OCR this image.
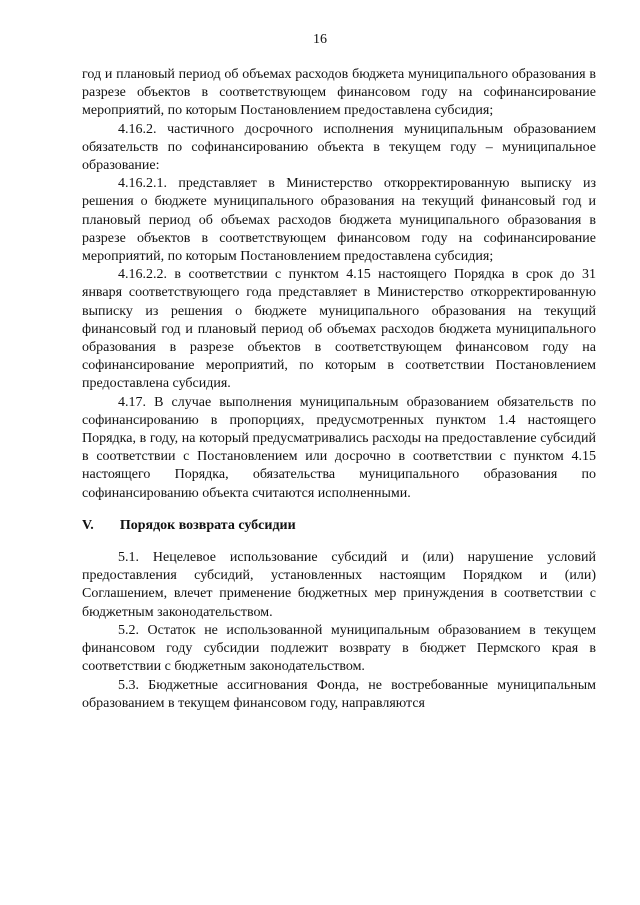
16

год и плановый период об объемах расходов бюджета муниципального образования в разрезе объектов в соответствующем финансовом году на софинансирование мероприятий, по которым Постановлением предоставлена субсидия;

4.16.2. частичного досрочного исполнения муниципальным образованием обязательств по софинансированию объекта в текущем году – муниципальное образование:

4.16.2.1. представляет в Министерство откорректированную выписку из решения о бюджете муниципального образования на текущий финансовый год и плановый период об объемах расходов бюджета муниципального образования в разрезе объектов в соответствующем финансовом году на софинансирование мероприятий, по которым Постановлением предоставлена субсидия;

4.16.2.2. в соответствии с пунктом 4.15 настоящего Порядка в срок до 31 января соответствующего года представляет в Министерство откорректированную выписку из решения о бюджете муниципального образования на текущий финансовый год и плановый период об объемах расходов бюджета муниципального образования в разрезе объектов в соответствующем финансовом году на софинансирование мероприятий, по которым в соответствии Постановлением предоставлена субсидия.

4.17. В случае выполнения муниципальным образованием обязательств по софинансированию в пропорциях, предусмотренных пунктом 1.4 настоящего Порядка, в году, на который предусматривались расходы на предоставление субсидий в соответствии с Постановлением или досрочно в соответствии с пунктом 4.15 настоящего Порядка, обязательства муниципального образования по софинансированию объекта считаются исполненными.

V. Порядок возврата субсидии

5.1. Нецелевое использование субсидий и (или) нарушение условий предоставления субсидий, установленных настоящим Порядком и (или) Соглашением, влечет применение бюджетных мер принуждения в соответствии с бюджетным законодательством.

5.2. Остаток не использованной муниципальным образованием в текущем финансовом году субсидии подлежит возврату в бюджет Пермского края в соответствии с бюджетным законодательством.

5.3. Бюджетные ассигнования Фонда, не востребованные муниципальным образованием в текущем финансовом году, направляются
